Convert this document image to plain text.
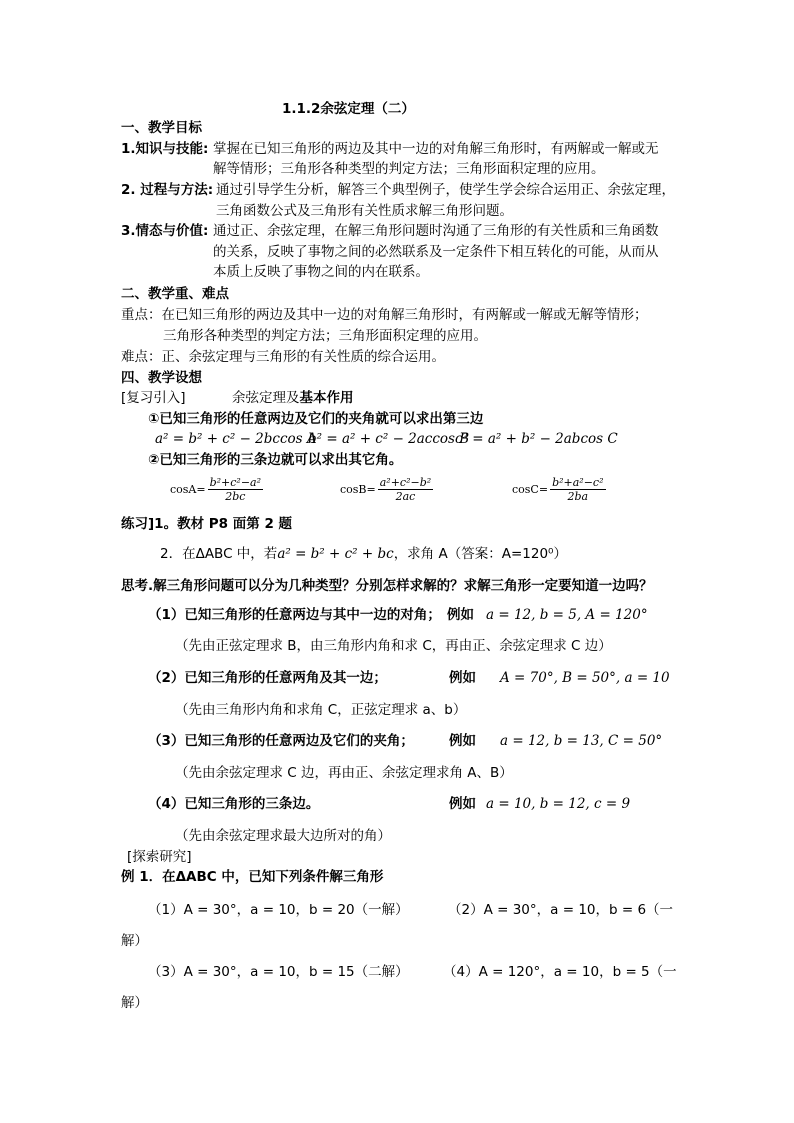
1.1.2余弦定理（二）
一、教学目标
1.知识与技能: 掌握在已知三角形的两边及其中一边的对角解三角形时，有两解或一解或无
解等情形；三角形各种类型的判定方法；三角形面积定理的应用。
2. 过程与方法: 通过引导学生分析，解答三个典型例子，使学生学会综合运用正、余弦定理，
三角函数公式及三角形有关性质求解三角形问题。
3.情态与价值: 通过正、余弦定理，在解三角形问题时沟通了三角形的有关性质和三角函数
的关系，反映了事物之间的必然联系及一定条件下相互转化的可能，从而从
本质上反映了事物之间的内在联系。
二、教学重、难点
重点：在已知三角形的两边及其中一边的对角解三角形时，有两解或一解或无解等情形；
三角形各种类型的判定方法；三角形面积定理的应用。
难点：正、余弦定理与三角形的有关性质的综合运用。
四、教学设想
[复习引入]	余弦定理及基本作用
①已知三角形的任意两边及它们的夹角就可以求出第三边
a² = b² + c² − 2bccos A
b² = a² + c² − 2accos B
c² = a² + b² − 2abcos C
②已知三角形的三条边就可以求出其它角。
$\cos A= \frac{\text{b²+c²−a²}}{2bc}$	$\cos B= \frac{\text{a²+c²−b²}}{2ac}$	$\cos C= \frac{\text{b²+a²−c²}}{2ba}$
练习]1。教材 P8 面第 2 题
2．在ΔABC 中，若a² = b² + c² + bc，求角 A（答案：A=120⁰）
思考.解三角形问题可以分为几种类型？分别怎样求解的？求解三角形一定要知道一边吗？
（1）已知三角形的任意两边与其中一边的对角； 例如 a = 12, b = 5, A = 120°
（先由正弦定理求 B，由三角形内角和求 C，再由正、余弦定理求 C 边）
（2）已知三角形的任意两角及其一边；	例如 A = 70°, B = 50°, a = 10
（先由三角形内角和求角 C，正弦定理求 a、b）
（3）已知三角形的任意两边及它们的夹角；	例如 a = 12, b = 13, C = 50°
（先由余弦定理求 C 边，再由正、余弦定理求角 A、B）
（4）已知三角形的三条边。	例如 a = 10, b = 12, c = 9
（先由余弦定理求最大边所对的角）
[探索研究]
例 1．在ΔABC 中，已知下列条件解三角形
（1）A = 30°，a = 10，b = 20（一解）	（2）A = 30°，a = 10，b = 6（一
解）
（3）A = 30°，a = 10，b = 15（二解）	（4）A = 120°，a = 10，b = 5（一
解）
